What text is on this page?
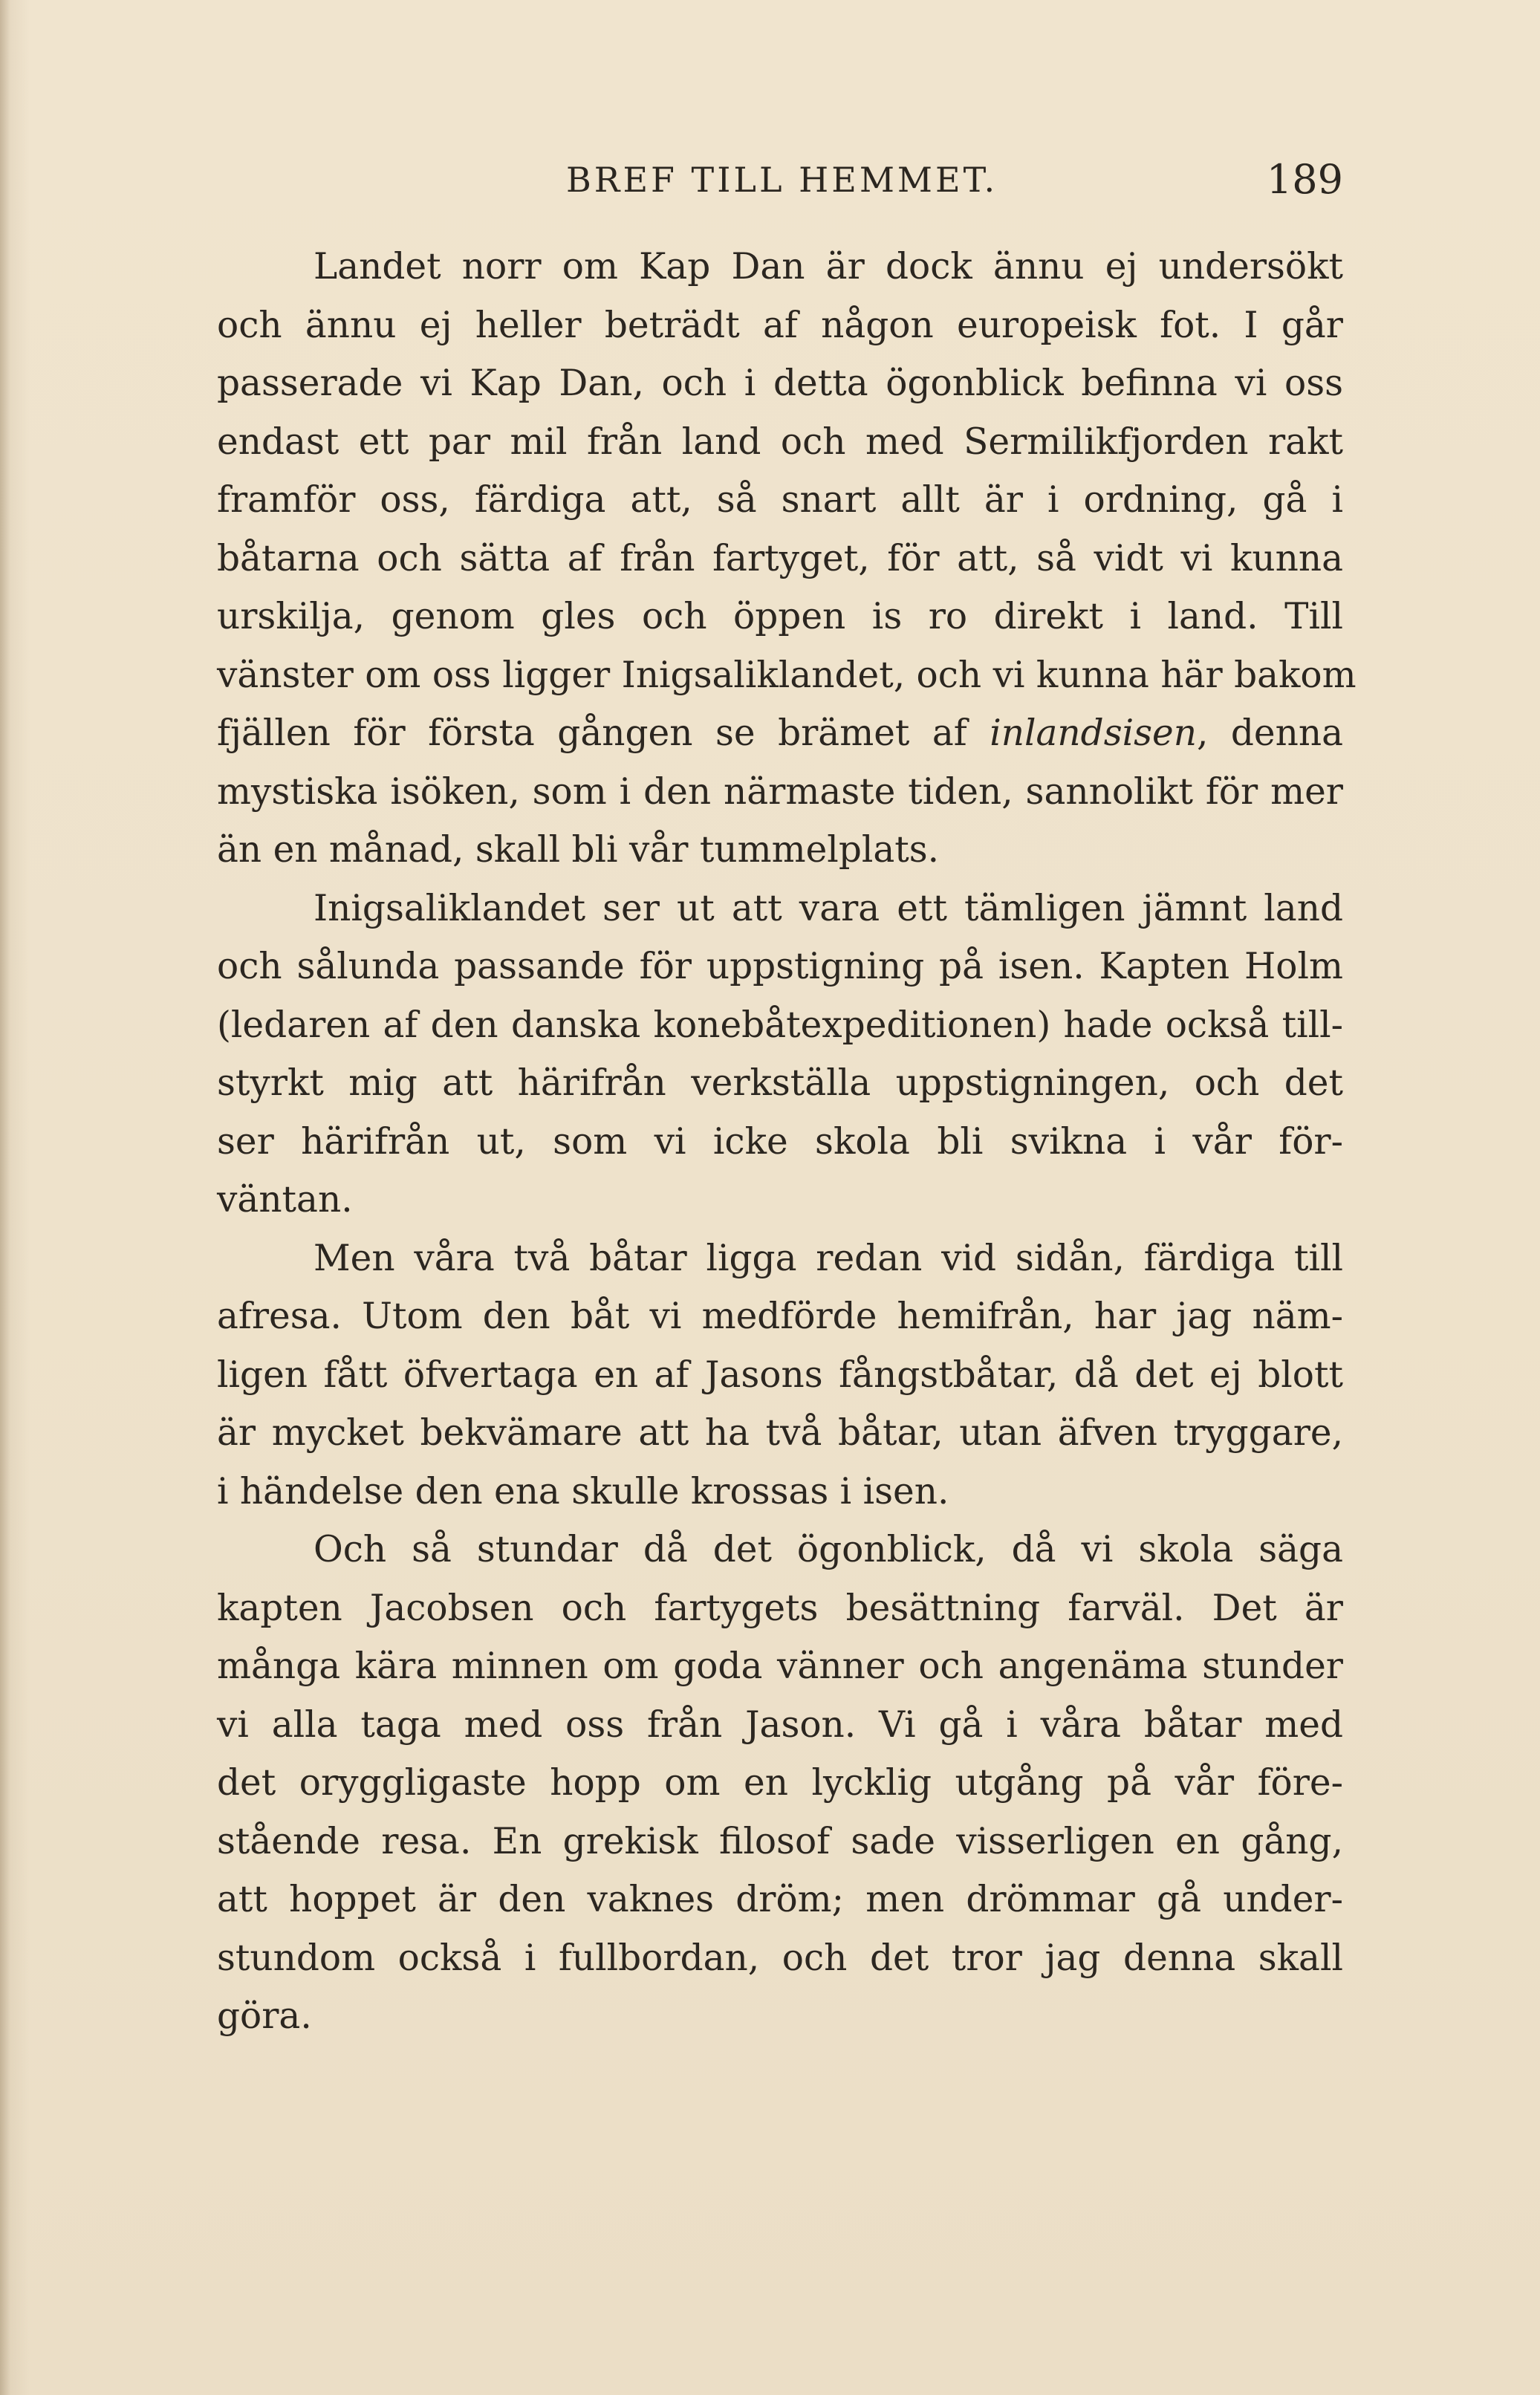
BREF TILL HEMMET.	189

Landet norr om Kap Dan är dock ännu ej undersökt
och ännu ej heller beträdt af någon europeisk fot. I går
passerade vi Kap Dan, och i detta ögonblick befinna vi oss
endast ett par mil från land och med Sermilikfjorden rakt
framför oss, färdiga att, så snart allt är i ordning, gå i
båtarna och sätta af från fartyget, för att, så vidt vi kunna
urskilja, genom gles och öppen is ro direkt i land. Till
vänster om oss ligger Inigsaliklandet, och vi kunna här bakom
fjällen för första gången se brämet af inlandsisen, denna
mystiska isöken, som i den närmaste tiden, sannolikt för mer
än en månad, skall bli vår tummelplats.

Inigsaliklandet ser ut att vara ett tämligen jämnt land
och sålunda passande för uppstigning på isen. Kapten Holm
(ledaren af den danska konebåtexpeditionen) hade också till-
styrkt mig att härifrån verkställa uppstigningen, och det
ser härifrån ut, som vi icke skola bli svikna i vår för-
väntan.

Men våra två båtar ligga redan vid sidån, färdiga till
afresa. Utom den båt vi medförde hemifrån, har jag näm-
ligen fått öfvertaga en af Jasons fångstbåtar, då det ej blott
är mycket bekvämare att ha två båtar, utan äfven tryggare,
i händelse den ena skulle krossas i isen.

Och så stundar då det ögonblick, då vi skola säga
kapten Jacobsen och fartygets besättning farväl. Det är
många kära minnen om goda vänner och angenäma stunder
vi alla taga med oss från Jason. Vi gå i våra båtar med
det oryggligaste hopp om en lycklig utgång på vår före-
stående resa. En grekisk filosof sade visserligen en gång,
att hoppet är den vaknes dröm; men drömmar gå under-
stundom också i fullbordan, och det tror jag denna skall
göra.
